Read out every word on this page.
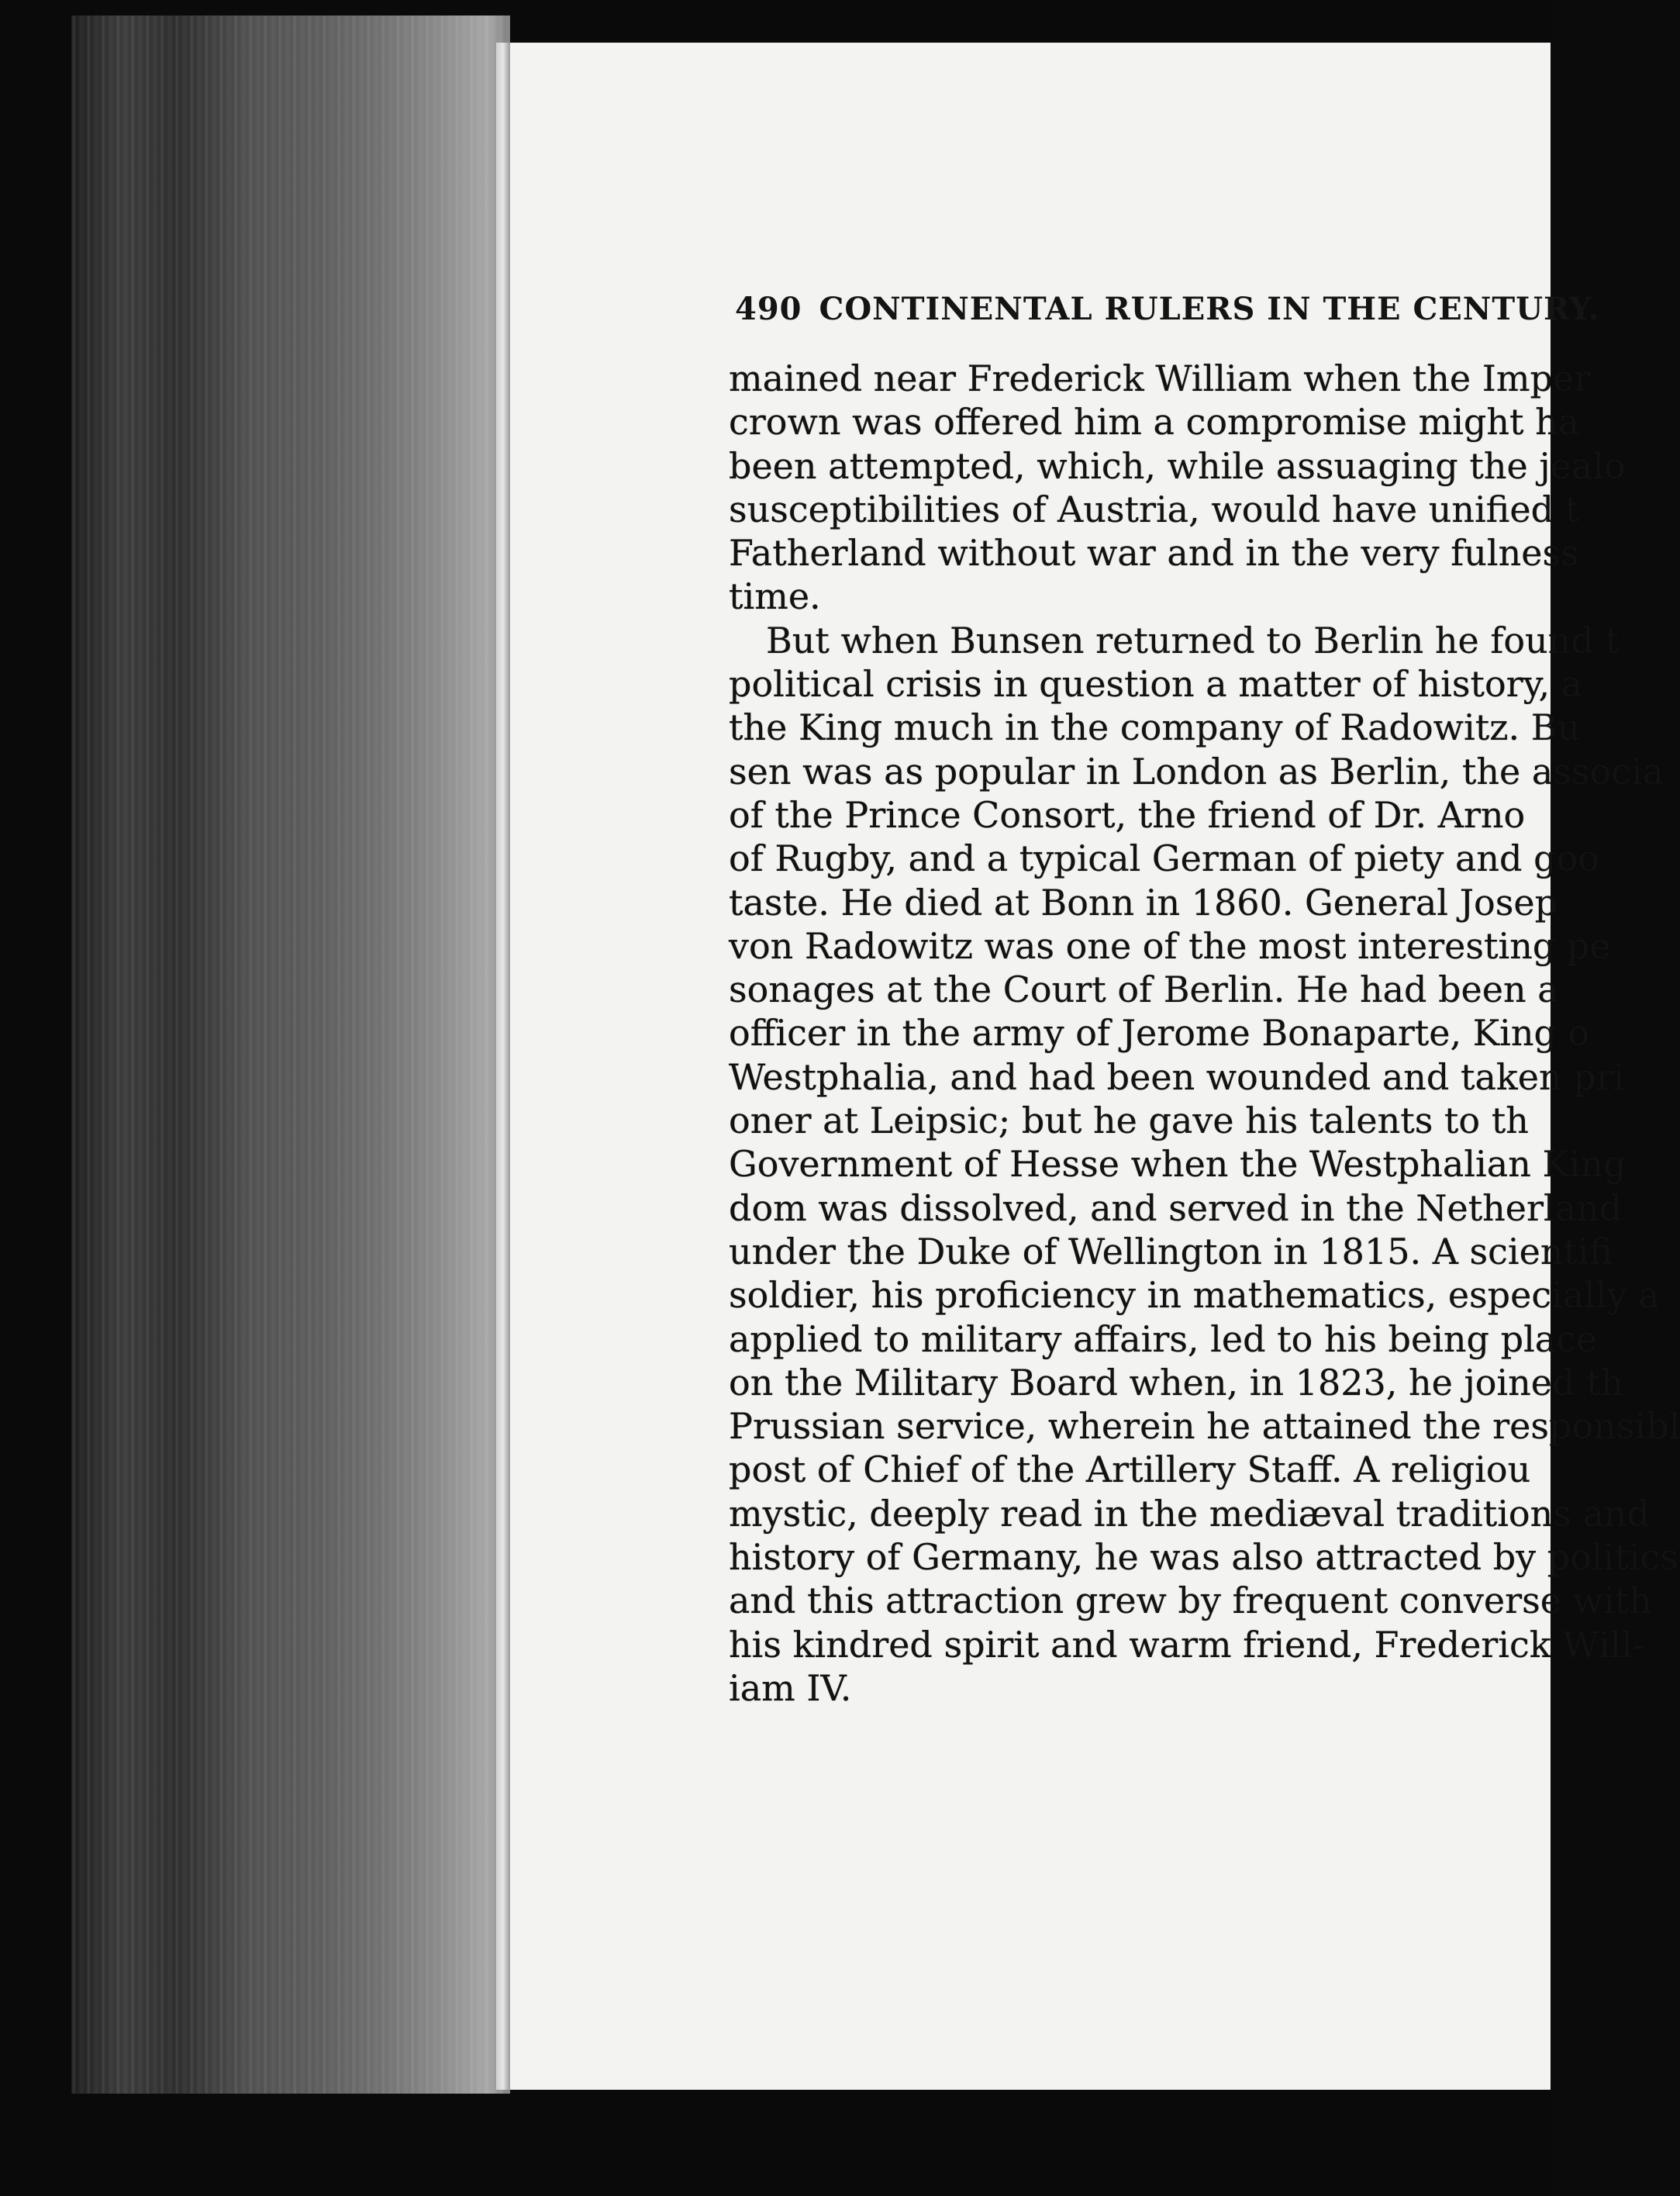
490 CONTINENTAL RULERS IN THE CENTURY.
mained near Frederick William when the Imper
crown was offered him a compromise might ha
been attempted, which, while assuaging the jealo
susceptibilities of Austria, would have unified t
Fatherland without war and in the very fulness
time.
But when Bunsen returned to Berlin he found t
political crisis in question a matter of history, a
the King much in the company of Radowitz. Bu
sen was as popular in London as Berlin, the associa
of the Prince Consort, the friend of Dr. Arno
of Rugby, and a typical German of piety and goo
taste. He died at Bonn in 1860. General Josep
von Radowitz was one of the most interesting pe
sonages at the Court of Berlin. He had been a
officer in the army of Jerome Bonaparte, King o
Westphalia, and had been wounded and taken pri
oner at Leipsic; but he gave his talents to th
Government of Hesse when the Westphalian King
dom was dissolved, and served in the Netherland
under the Duke of Wellington in 1815. A scientifi
soldier, his proficiency in mathematics, especially a
applied to military affairs, led to his being place
on the Military Board when, in 1823, he joined th
Prussian service, wherein he attained the responsibl
post of Chief of the Artillery Staff. A religiou
mystic, deeply read in the mediæval traditions and
history of Germany, he was also attracted by politics
and this attraction grew by frequent converse with
his kindred spirit and warm friend, Frederick Will-
iam IV.
